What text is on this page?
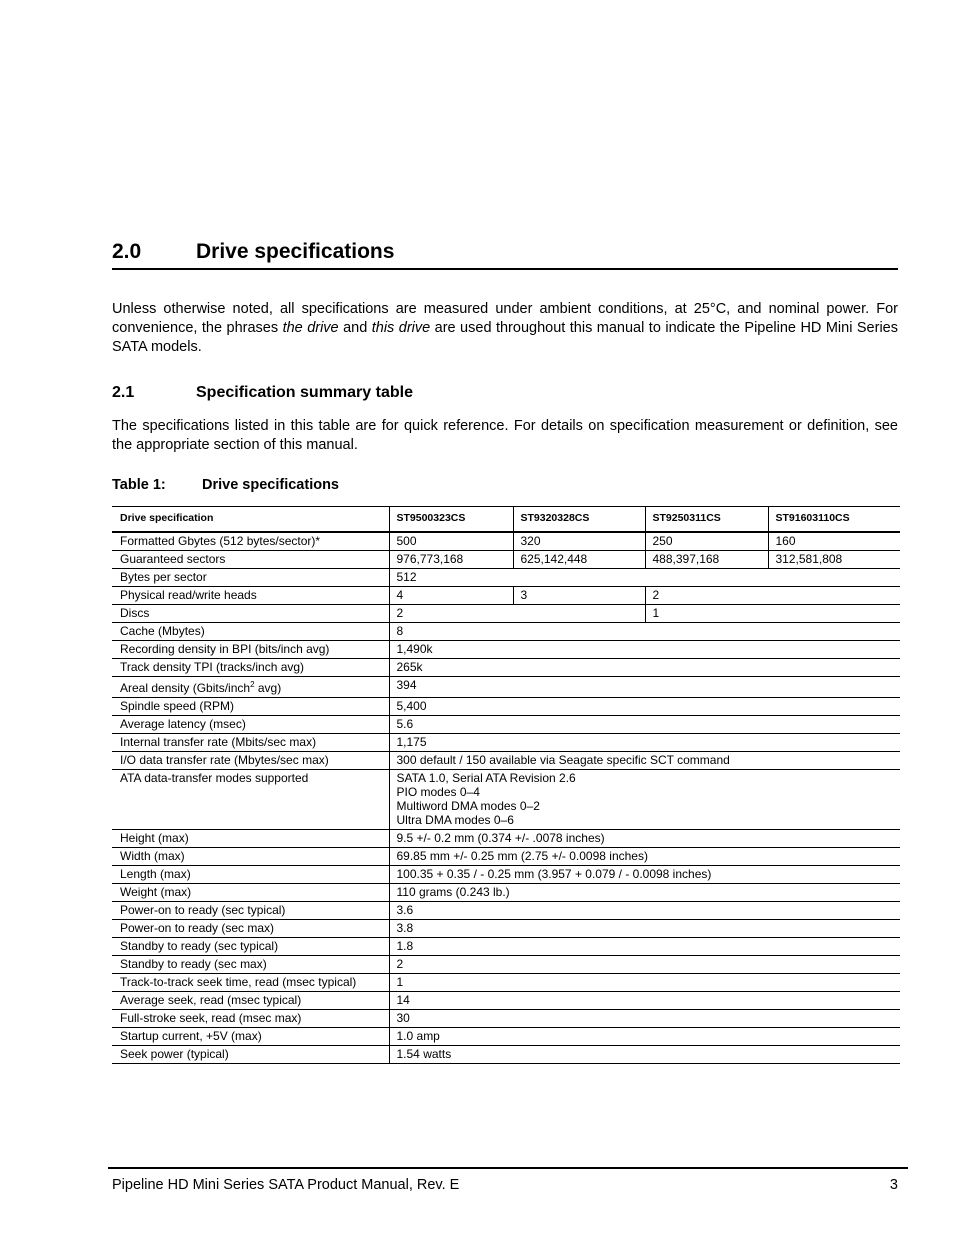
2.0	Drive specifications

Unless otherwise noted, all specifications are measured under ambient conditions, at 25°C, and nominal power. For convenience, the phrases the drive and this drive are used throughout this manual to indicate the Pipeline HD Mini Series SATA models.

2.1	Specification summary table

The specifications listed in this table are for quick reference. For details on specification measurement or definition, see the appropriate section of this manual.

Table 1:	Drive specifications
Drive specification	ST9500323CS	ST9320328CS	ST9250311CS	ST91603110CS
Formatted Gbytes (512 bytes/sector)*	500	320	250	160
Guaranteed sectors	976,773,168	625,142,448	488,397,168	312,581,808
Bytes per sector	512			
Physical read/write heads	4	3	2	
Discs	2		1	
Cache (Mbytes)	8			
Recording density in BPI (bits/inch avg)	1,490k			
Track density TPI (tracks/inch avg)	265k			
Areal density (Gbits/inch$^2$ avg)	394			
Spindle speed (RPM)	5,400			
Average latency (msec)	5.6			
Internal transfer rate (Mbits/sec max)	1,175			
I/O data transfer rate (Mbytes/sec max)	300 default / 150 available via Seagate specific SCT command			
ATA data-transfer modes supported	SATA 1.0, Serial ATA Revision 2.6
PIO modes 0–4
Multiword DMA modes 0–2
Ultra DMA modes 0–6			

Height (max)	9.5 +/- 0.2 mm (0.374 +/- .0078 inches)			
Width (max)	69.85 mm +/- 0.25 mm (2.75 +/- 0.0098 inches)			
Length (max)	100.35 + 0.35 / - 0.25 mm (3.957 + 0.079 / - 0.0098 inches)			
Weight (max)	110 grams (0.243 lb.)			
Power-on to ready (sec typical)	3.6			
Power-on to ready (sec max)	3.8			
Standby to ready (sec typical)	1.8			
Standby to ready (sec max)	2			
Track-to-track seek time, read (msec typical)	1			
Average seek, read (msec typical)	14			
Full-stroke seek, read (msec max)	30			
Startup current, +5V (max)	1.0 amp			
Seek power (typical)	1.54 watts			
Pipeline HD Mini Series SATA Product Manual, Rev. E	3
